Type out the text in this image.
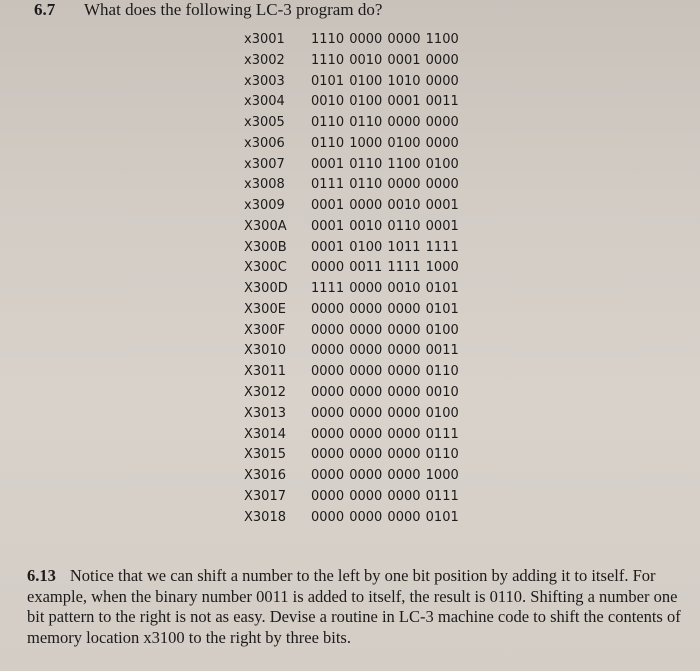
6.7 What does the following LC-3 program do?
x3001 1110 0000 0000 1100
x3002 1110 0010 0001 0000
x3003 0101 0100 1010 0000
x3004 0010 0100 0001 0011
x3005 0110 0110 0000 0000
x3006 0110 1000 0100 0000
x3007 0001 0110 1100 0100
x3008 0111 0110 0000 0000
x3009 0001 0000 0010 0001
X300A 0001 0010 0110 0001
X300B 0001 0100 1011 1111
X300C 0000 0011 1111 1000
X300D 1111 0000 0010 0101
X300E 0000 0000 0000 0101
X300F 0000 0000 0000 0100
X3010 0000 0000 0000 0011
X3011 0000 0000 0000 0110
X3012 0000 0000 0000 0010
X3013 0000 0000 0000 0100
X3014 0000 0000 0000 0111
X3015 0000 0000 0000 0110
X3016 0000 0000 0000 1000
X3017 0000 0000 0000 0111
X3018 0000 0000 0000 0101
6.13 Notice that we can shift a number to the left by one bit position by adding it to itself. For example, when the binary number 0011 is added to itself, the result is 0110. Shifting a number one bit pattern to the right is not as easy. Devise a routine in LC-3 machine code to shift the contents of memory location x3100 to the right by three bits.
